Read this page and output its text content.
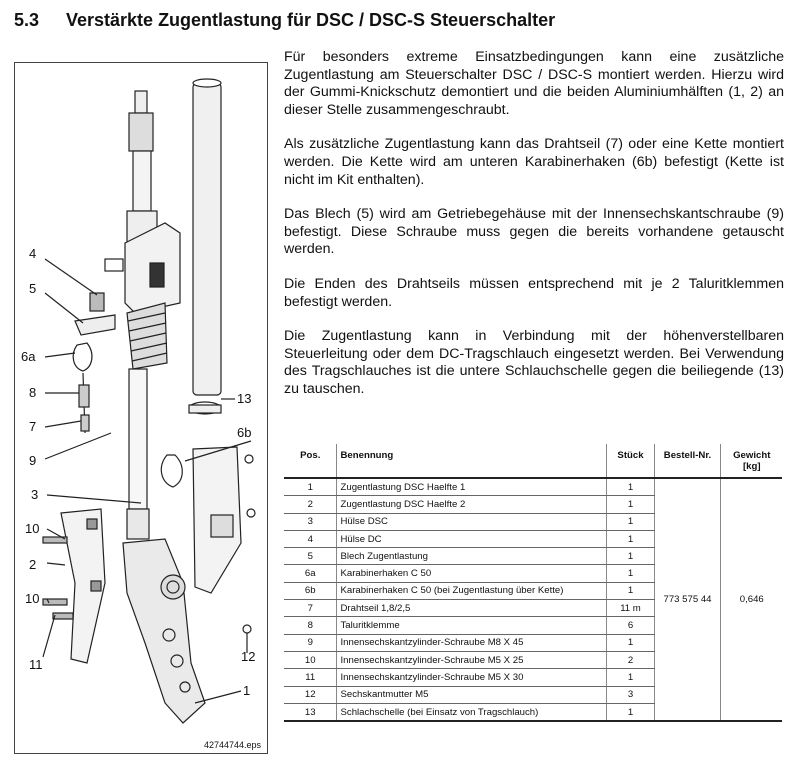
5.3 Verstärkte Zugentlastung für DSC / DSC-S Steuerschalter
4
5
6a
8
7
9
13
6b
3
10
2
10
11
12
1
42744744.eps

Für besonders extreme Einsatzbedingungen kann eine zusätzliche Zugentlastung am Steuerschalter DSC / DSC-S montiert werden. Hierzu wird der Gummi-Knickschutz demontiert und die beiden Aluminiumhälften (1, 2) an dieser Stelle zusammengeschraubt.

Als zusätzliche Zugentlastung kann das Drahtseil (7) oder eine Kette montiert werden. Die Kette wird am unteren Karabinerhaken (6b) befestigt (Kette ist nicht im Kit enthalten).

Das Blech (5) wird am Getriebegehäuse mit der Innensechskantschraube (9) befestigt. Diese Schraube muss gegen die bereits vorhandene getauscht werden.

Die Enden des Drahtseils müssen entsprechend mit je 2 Taluritklemmen befestigt werden.

Die Zugentlastung kann in Verbindung mit der höhenverstellbaren Steuerleitung oder dem DC-Tragschlauch eingesetzt werden. Bei Verwendung des Tragschlauches ist die untere Schlauchschelle gegen die beiliegende (13) zu tauschen.

Pos.	Benennung	Stück	Bestell-Nr.	Gewicht
[kg]
1	Zugentlastung DSC Haelfte 1	1	773 575 44	0,646
2	Zugentlastung DSC Haelfte 2	1		
3	Hülse DSC	1		
4	Hülse DC	1		
5	Blech Zugentlastung	1		
6a	Karabinerhaken C 50	1		
6b	Karabinerhaken C 50 (bei Zugentlastung über Kette)	1		
7	Drahtseil 1,8/2,5	11 m		
8	Taluritklemme	6		
9	Innensechskantzylinder-Schraube M8 X 45	1		
10	Innensechskantzylinder-Schraube M5 X 25	2		
11	Innensechskantzylinder-Schraube M5 X 30	1		
12	Sechskantmutter M5	3		
13	Schlachschelle (bei Einsatz von Tragschlauch)	1		
